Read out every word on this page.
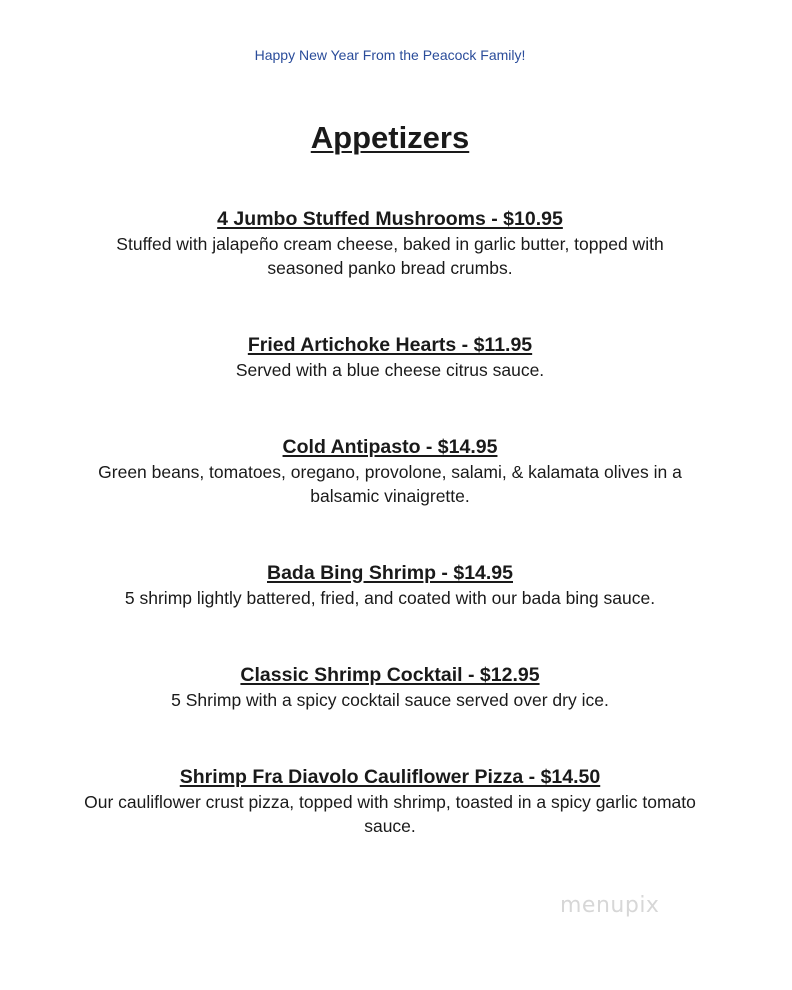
Happy New Year From the Peacock Family!
Appetizers

4 Jumbo Stuffed Mushrooms - $10.95

Stuffed with jalapeño cream cheese, baked in garlic butter, topped with seasoned panko bread crumbs.

Fried Artichoke Hearts - $11.95

Served with a blue cheese citrus sauce.

Cold Antipasto - $14.95

Green beans, tomatoes, oregano, provolone, salami, & kalamata olives in a balsamic vinaigrette.

Bada Bing Shrimp - $14.95

5 shrimp lightly battered, fried, and coated with our bada bing sauce.

Classic Shrimp Cocktail - $12.95

5 Shrimp with a spicy cocktail sauce served over dry ice.

Shrimp Fra Diavolo Cauliflower Pizza - $14.50

Our cauliflower crust pizza, topped with shrimp, toasted in a spicy garlic tomato sauce.

menupix
